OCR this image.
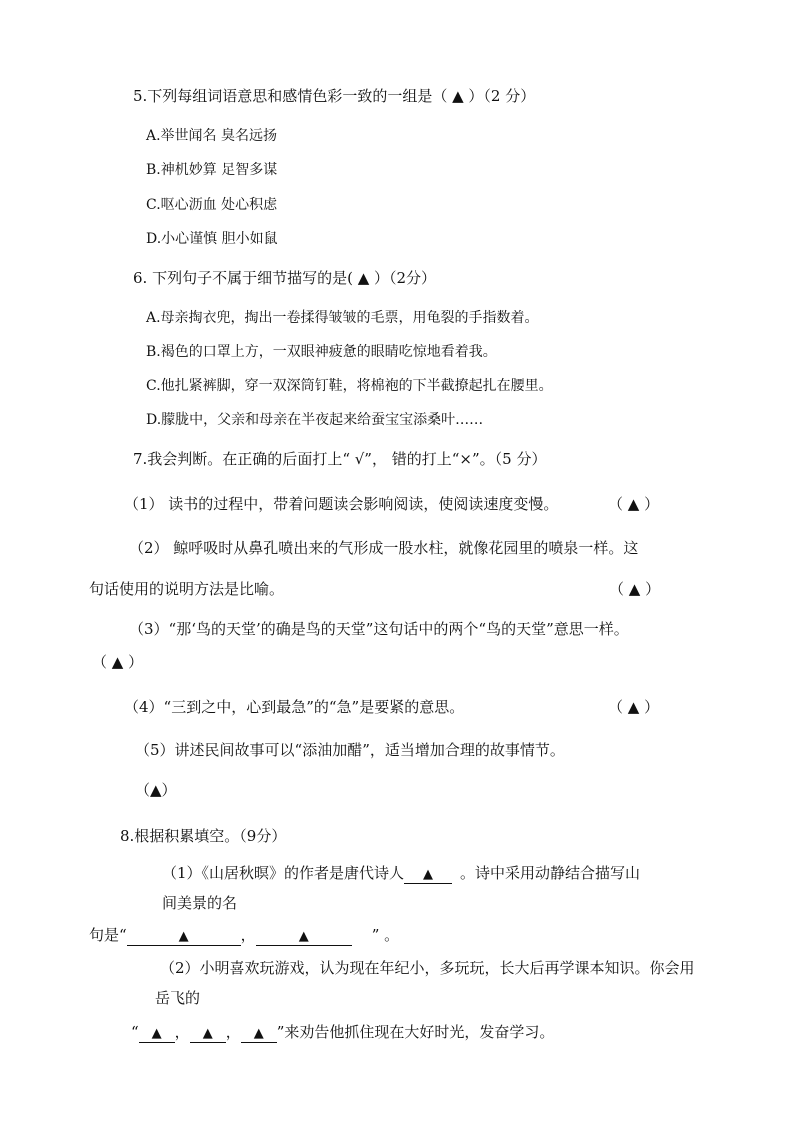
5.下列每组词语意思和感情色彩一致的一组是（ ▲ ）（2 分）
A.举世闻名 臭名远扬
B.神机妙算 足智多谋
C.呕心沥血 处心积虑
D.小心谨慎 胆小如鼠
6. 下列句子不属于细节描写的是( ▲ ）（2分）
A.母亲掏衣兜，掏出一卷揉得皱皱的毛票，用龟裂的手指数着。
B.褐色的口罩上方，一双眼神疲惫的眼睛吃惊地看着我。
C.他扎紧裤脚，穿一双深筒钉鞋，将棉袍的下半截撩起扎在腰里。
D.朦胧中，父亲和母亲在半夜起来给蚕宝宝添桑叶……
7.我会判断。在正确的后面打上“ √”， 错的打上“×”。（5 分）
（1） 读书的过程中，带着问题读会影响阅读，使阅读速度变慢。	（ ▲ ）
（2） 鲸呼吸时从鼻孔喷出来的气形成一股水柱，就像花园里的喷泉一样。这
句话使用的说明方法是比喻。	（ ▲ ）
（3）“那‘鸟的天堂’的确是鸟的天堂”这句话中的两个“鸟的天堂”意思一样。
（ ▲ ）
（4）“三到之中，心到最急”的“急”是要紧的意思。	（ ▲ ）
（5）讲述民间故事可以“添油加醋”，适当增加合理的故事情节。
（▲）
8.根据积累填空。（9分）
（1）《山居秋暝》的作者是唐代诗人 ▲ 。诗中采用动静结合描写山
间美景的名
句是“	▲	，	▲	” 。
（2）小明喜欢玩游戏，认为现在年纪小，多玩玩，长大后再学课本知识。你会用
岳飞的
“ ▲ ， ▲ ， ▲ ”来劝告他抓住现在大好时光，发奋学习。
